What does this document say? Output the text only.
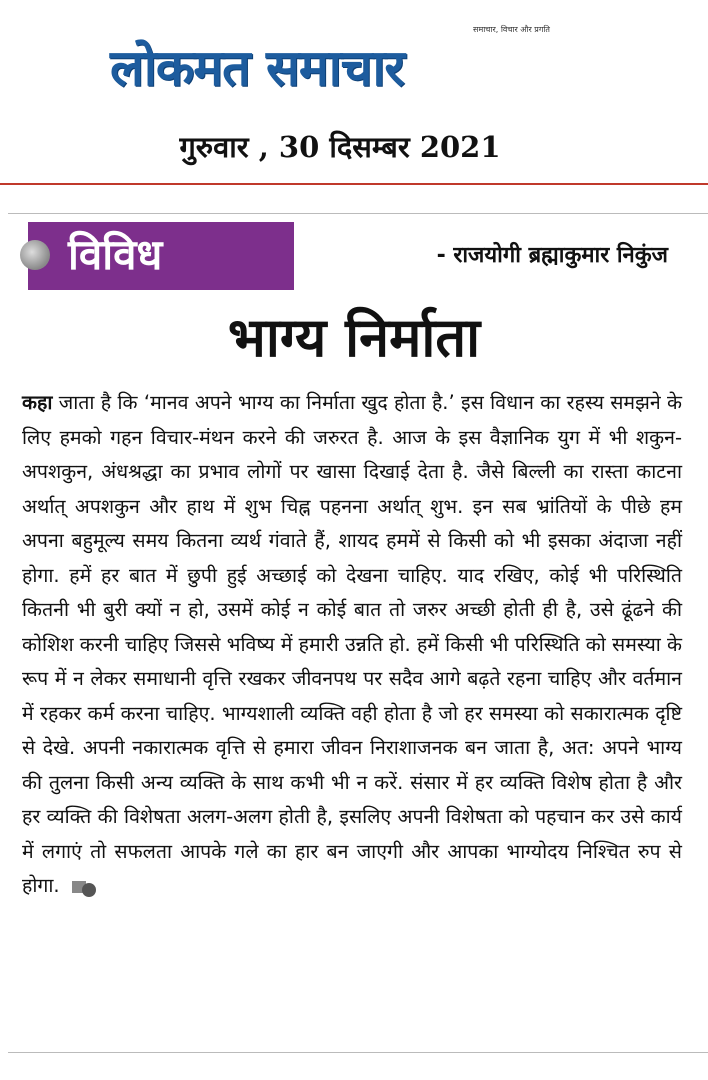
समाचार, विचार और प्रगति
लोकमत समाचार
गुरुवार , 30 दिसम्बर 2021
विविध	- राजयोगी ब्रह्माकुमार निकुंज
भाग्य निर्माता
कहा जाता है कि ‘मानव अपने भाग्य का निर्माता खुद होता है.’ इस विधान का रहस्य समझने के लिए हमको गहन विचार-मंथन करने की जरुरत है. आज के इस वैज्ञानिक युग में भी शकुन-अपशकुन, अंधश्रद्धा का प्रभाव लोगों पर खासा दिखाई देता है. जैसे बिल्ली का रास्ता काटना अर्थात् अपशकुन और हाथ में शुभ चिह्न पहनना अर्थात् शुभ. इन सब भ्रांतियों के पीछे हम अपना बहुमूल्य समय कितना व्यर्थ गंवाते हैं, शायद हममें से किसी को भी इसका अंदाजा नहीं होगा. हमें हर बात में छुपी हुई अच्छाई को देखना चाहिए. याद रखिए, कोई भी परिस्थिति कितनी भी बुरी क्यों न हो, उसमें कोई न कोई बात तो जरुर अच्छी होती ही है, उसे ढूंढने की कोशिश करनी चाहिए जिससे भविष्य में हमारी उन्नति हो. हमें किसी भी परिस्थिति को समस्या के रूप में न लेकर समाधानी वृत्ति रखकर जीवनपथ पर सदैव आगे बढ़ते रहना चाहिए और वर्तमान में रहकर कर्म करना चाहिए. भाग्यशाली व्यक्ति वही होता है जो हर समस्या को सकारात्मक दृष्टि से देखे. अपनी नकारात्मक वृत्ति से हमारा जीवन निराशाजनक बन जाता है, अत: अपने भाग्य की तुलना किसी अन्य व्यक्ति के साथ कभी भी न करें. संसार में हर व्यक्ति विशेष होता है और हर व्यक्ति की विशेषता अलग-अलग होती है, इसलिए अपनी विशेषता को पहचान कर उसे कार्य में लगाएं तो सफलता आपके गले का हार बन जाएगी और आपका भाग्योदय निश्चित रुप से होगा.
